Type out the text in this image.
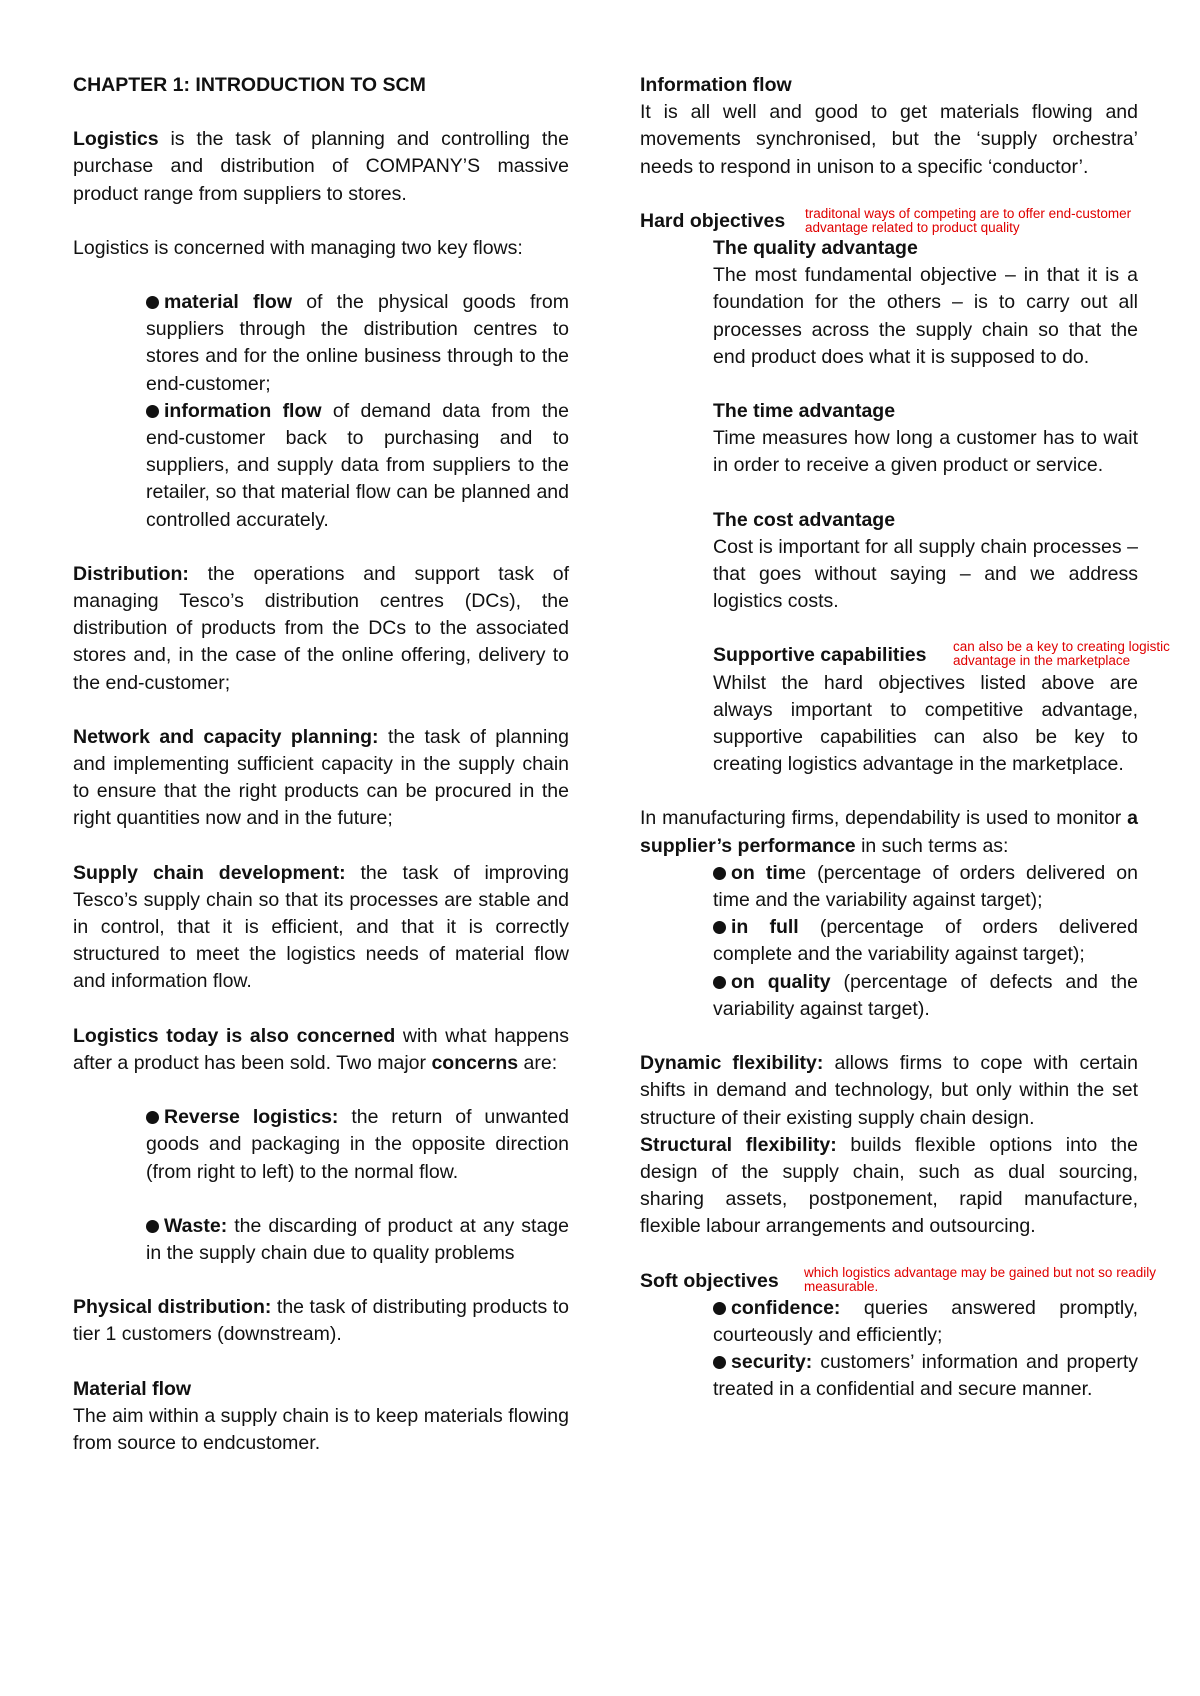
CHAPTER 1: INTRODUCTION TO SCM

Logistics is the task of planning and controlling the purchase and distribution of COMPANY’S massive product range from suppliers to stores.

Logistics is concerned with managing two key flows:

material flow of the physical goods from suppliers through the distribution centres to stores and for the online business through to the end-customer;

information flow of demand data from the end-customer back to purchasing and to suppliers, and supply data from suppliers to the retailer, so that material flow can be planned and controlled accurately.

Distribution: the operations and support task of managing Tesco’s distribution centres (DCs), the distribution of products from the DCs to the associated stores and, in the case of the online offering, delivery to the end-customer;

Network and capacity planning: the task of planning and implementing sufficient capacity in the supply chain to ensure that the right products can be procured in the right quantities now and in the future;

Supply chain development: the task of improving Tesco’s supply chain so that its processes are stable and in control, that it is efficient, and that it is correctly structured to meet the logistics needs of material flow and information flow.

Logistics today is also concerned with what happens after a product has been sold. Two major concerns are:

Reverse logistics: the return of unwanted goods and packaging in the opposite direction (from right to left) to the normal flow.

Waste: the discarding of product at any stage in the supply chain due to quality problems

Physical distribution: the task of distributing products to tier 1 customers (downstream).

Material flow

The aim within a supply chain is to keep materials flowing from source to endcustomer.

Information flow

It is all well and good to get materials flowing and movements synchronised, but the ‘supply orchestra’ needs to respond in unison to a specific ‘conductor’.

Hard objectives traditonal ways of competing are to offer end-customer advantage related to product quality

The quality advantage

The most fundamental objective – in that it is a foundation for the others – is to carry out all processes across the supply chain so that the end product does what it is supposed to do.

The time advantage

Time measures how long a customer has to wait in order to receive a given product or service.

The cost advantage

Cost is important for all supply chain processes – that goes without saying – and we address logistics costs.

Supportive capabilities can also be a key to creating logistic advantage in the marketplace

Whilst the hard objectives listed above are always important to competitive advantage, supportive capabilities can also be key to creating logistics advantage in the marketplace.

In manufacturing firms, dependability is used to monitor a supplier’s performance in such terms as:

on time (percentage of orders delivered on time and the variability against target);

in full (percentage of orders delivered complete and the variability against target);

on quality (percentage of defects and the variability against target).

Dynamic flexibility: allows firms to cope with certain shifts in demand and technology, but only within the set structure of their existing supply chain design.

Structural flexibility: builds flexible options into the design of the supply chain, such as dual sourcing, sharing assets, postponement, rapid manufacture, flexible labour arrangements and outsourcing.

Soft objectives which logistics advantage may be gained but not so readily measurable.

confidence: queries answered promptly, courteously and efficiently;

security: customers’ information and property treated in a confidential and secure manner.
